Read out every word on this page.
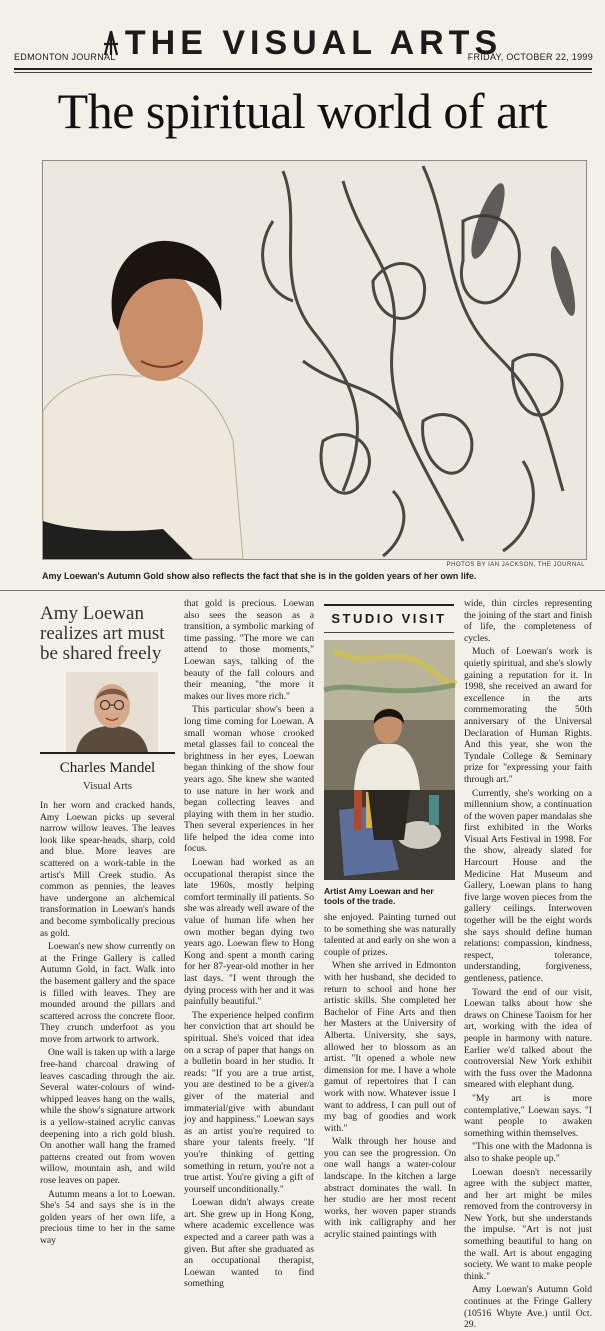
EDMONTON JOURNAL THE VISUAL ARTS
FRIDAY, OCTOBER 22, 1999
The spiritual world of art
PHOTOS BY IAN JACKSON, THE JOURNAL
Amy Loewan's Autumn Gold show also reflects the fact that she is in the golden years of her own life.
Amy Loewan realizes art must be shared freely
Charles Mandel
Visual Arts

In her worn and cracked hands, Amy Loewan picks up several narrow willow leaves. The leaves look like spear-heads, sharp, cold and blue. More leaves are scattered on a work-table in the artist's Mill Creek studio. As common as pennies, the leaves have undergone an alchemical transformation in Loewan's hands and become symbolically precious as gold.

Loewan's new show currently on at the Fringe Gallery is called Autumn Gold, in fact. Walk into the basement gallery and the space is filled with leaves. They are mounded around the pillars and scattered across the concrete floor. They crunch underfoot as you move from artwork to artwork.

One wall is taken up with a large free-hand charcoal drawing of leaves cascading through the air. Several water-colours of wind-whipped leaves hang on the walls, while the show's signature artwork is a yellow-stained acrylic canvas deepening into a rich gold blush. On another wall hang the framed patterns created out from woven willow, mountain ash, and wild rose leaves on paper.

Autumn means a lot to Loewan. She's 54 and says she is in the golden years of her own life, a precious time to her in the same way

that gold is precious. Loewan also sees the season as a transition, a symbolic marking of time passing. "The more we can attend to those moments," Loewan says, talking of the beauty of the fall colours and their meaning, "the more it makes our lives more rich."

This particular show's been a long time coming for Loewan. A small woman whose crooked metal glasses fail to conceal the brightness in her eyes, Loewan began thinking of the show four years ago. She knew she wanted to use nature in her work and began collecting leaves and playing with them in her studio. Then several experiences in her life helped the idea come into focus.

Loewan had worked as an occupational therapist since the late 1960s, mostly helping comfort terminally ill patients. So she was already well aware of the value of human life when her own mother began dying two years ago. Loewan flew to Hong Kong and spent a month caring for her 87-year-old mother in her last days. "I went through the dying process with her and it was painfully beautiful."

The experience helped confirm her conviction that art should be spiritual. She's voiced that idea on a scrap of paper that hangs on a bulletin board in her studio. It reads: "If you are a true artist, you are destined to be a giver/a giver of the material and immaterial/give with abundant joy and happiness." Loewan says as an artist you're required to share your talents freely. "If you're thinking of getting something in return, you're not a true artist. You're giving a gift of yourself unconditionally."

Loewan didn't always create art. She grew up in Hong Kong, where academic excellence was expected and a career path was a given. But after she graduated as an occupational therapist, Loewan wanted to find something

STUDIO VISIT
Artist Amy Loewan and her tools of the trade.

she enjoyed. Painting turned out to be something she was naturally talented at and early on she won a couple of prizes.

When she arrived in Edmonton with her husband, she decided to return to school and hone her artistic skills. She completed her Bachelor of Fine Arts and then her Masters at the University of Alberta. University, she says, allowed her to blossom as an artist. "It opened a whole new dimension for me. I have a whole gamut of repertoires that I can work with now. Whatever issue I want to address, I can pull out of my bag of goodies and work with."

Walk through her house and you can see the progression. On one wall hangs a water-colour landscape. In the kitchen a large abstract dominates the wall. In her studio are her most recent works, her woven paper strands with ink calligraphy and her acrylic stained paintings with

wide, thin circles representing the joining of the start and finish of life, the completeness of cycles.

Much of Loewan's work is quietly spiritual, and she's slowly gaining a reputation for it. In 1998, she received an award for excellence in the arts commemorating the 50th anniversary of the Universal Declaration of Human Rights. And this year, she won the Tyndale College & Seminary prize for "expressing your faith through art."

Currently, she's working on a millennium show, a continuation of the woven paper mandalas she first exhibited in the Works Visual Arts Festival in 1998. For the show, already slated for Harcourt House and the Medicine Hat Museum and Gallery, Loewan plans to hang five large woven pieces from the gallery ceilings. Interwoven together will be the eight words she says should define human relations: compassion, kindness, respect, tolerance, understanding, forgiveness, gentleness, patience.

Toward the end of our visit, Loewan talks about how she draws on Chinese Taoism for her art, working with the idea of people in harmony with nature. Earlier we'd talked about the controversial New York exhibit with the fuss over the Madonna smeared with elephant dung.

"My art is more contemplative," Loewan says. "I want people to awaken something within themselves.

"This one with the Madonna is also to shake people up."

Loewan doesn't necessarily agree with the subject matter, and her art might be miles removed from the controversy in New York, but she understands the impulse. "Art is not just something beautiful to hang on the wall. Art is about engaging society. We want to make people think."

Amy Loewan's Autumn Gold continues at the Fringe Gallery (10516 Whyte Ave.) until Oct. 29.
